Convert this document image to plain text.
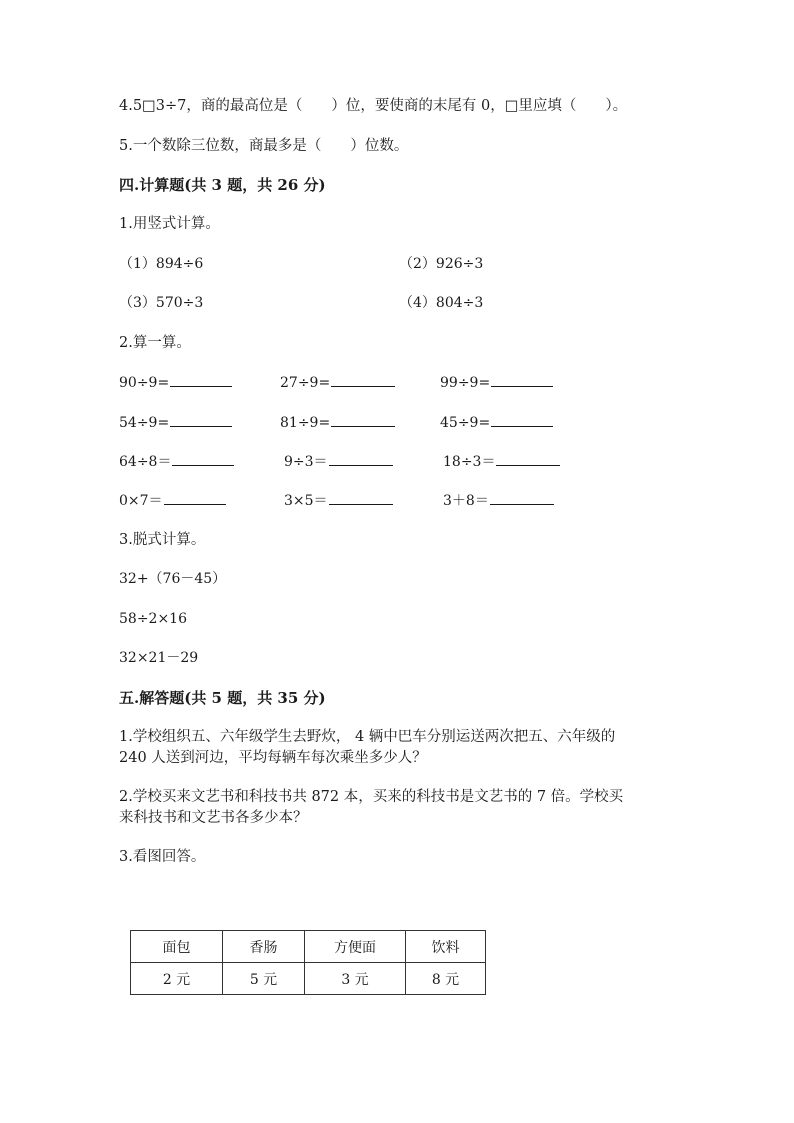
4.5□3÷7，商的最高位是（　　）位，要使商的末尾有 0，□里应填（　　）。
5.一个数除三位数，商最多是（　　）位数。
四.计算题(共 3 题，共 26 分)
1.用竖式计算。
（1）894÷6	（2）926÷3
（3）570÷3	（4）804÷3
2.算一算。
90÷9=	27÷9=	99÷9=
54÷9=	81÷9=	45÷9=
64÷8＝	9÷3＝	18÷3＝
0×7＝	3×5＝	3＋8＝
3.脱式计算。
32+（76－45）
58÷2×16
32×21－29
五.解答题(共 5 题，共 35 分)
1.学校组织五、六年级学生去野炊， 4 辆中巴车分别运送两次把五、六年级的
240 人送到河边，平均每辆车每次乘坐多少人？
2.学校买来文艺书和科技书共 872 本，买来的科技书是文艺书的 7 倍。学校买
来科技书和文艺书各多少本？
3.看图回答。
面包	香肠	方便面	饮料
2 元	5 元	3 元	8 元
